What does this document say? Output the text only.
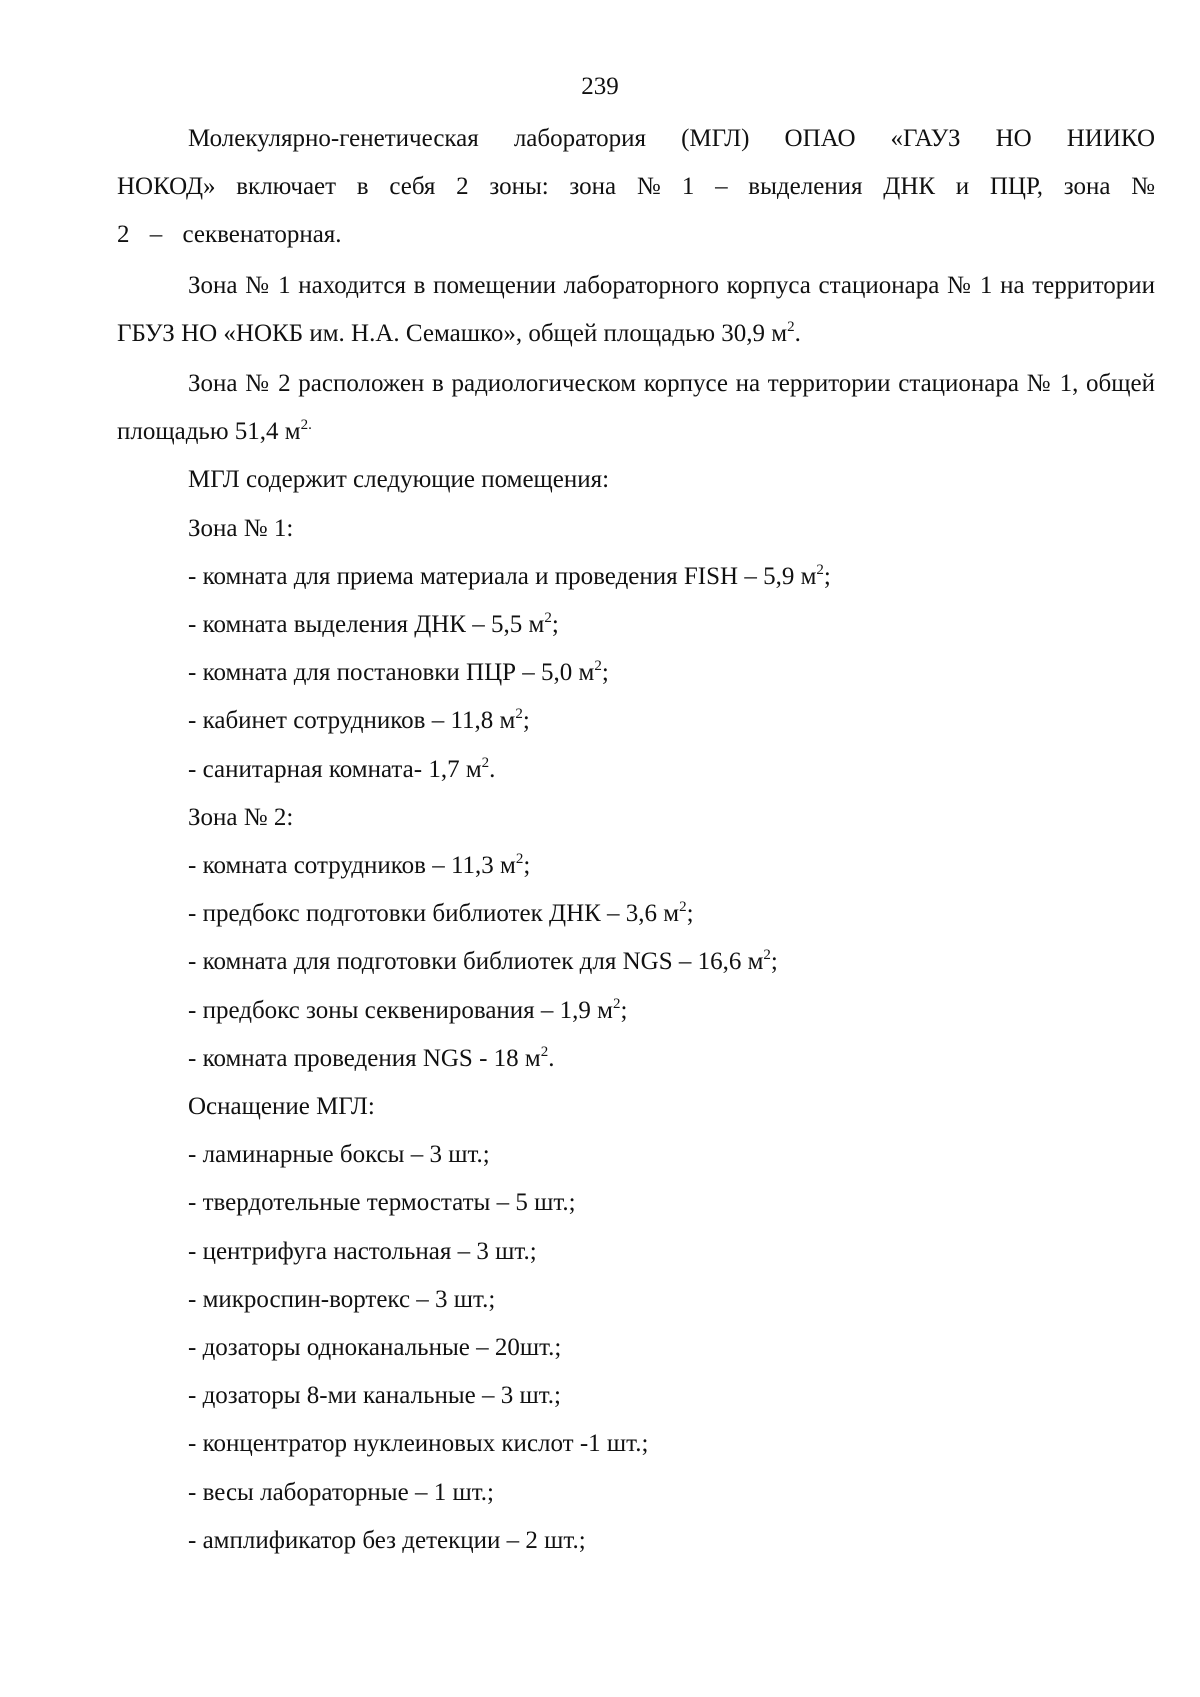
239

Молекулярно-генетическая лаборатория (МГЛ) ОПАО «ГАУЗ НО НИИКО НОКОД» включает в себя 2 зоны: зона № 1 – выделения ДНК и ПЦР, зона № 2 – секвенаторная.

Зона № 1 находится в помещении лабораторного корпуса стационара № 1 на территории ГБУЗ НО «НОКБ им. Н.А. Семашко», общей площадью 30,9 $м^2$.

Зона № 2 расположен в радиологическом корпусе на территории стационара № 1, общей площадью 51,4 $м^{2.}$

МГЛ содержит следующие помещения:

Зона № 1:

- комната для приема материала и проведения FISH – 5,9 $м^2$;

- комната выделения ДНК – 5,5 $м^2$;

- комната для постановки ПЦР – 5,0 $м^2$;

- кабинет сотрудников – 11,8 $м^2$;

- санитарная комната- 1,7 $м^2$.

Зона № 2:

- комната сотрудников – 11,3 $м^2$;

- предбокс подготовки библиотек ДНК – 3,6 $м^2$;

- комната для подготовки библиотек для NGS – 16,6 $м^2$;

- предбокс зоны секвенирования – 1,9 $м^2$;

- комната проведения NGS - 18 $м^2$.

Оснащение МГЛ:

- ламинарные боксы – 3 шт.;

- твердотельные термостаты – 5 шт.;

- центрифуга настольная – 3 шт.;

- микроспин-вортекс – 3 шт.;

- дозаторы одноканальные – 20шт.;

- дозаторы 8-ми канальные – 3 шт.;

- концентратор нуклеиновых кислот -1 шт.;

- весы лабораторные – 1 шт.;

- амплификатор без детекции – 2 шт.;
